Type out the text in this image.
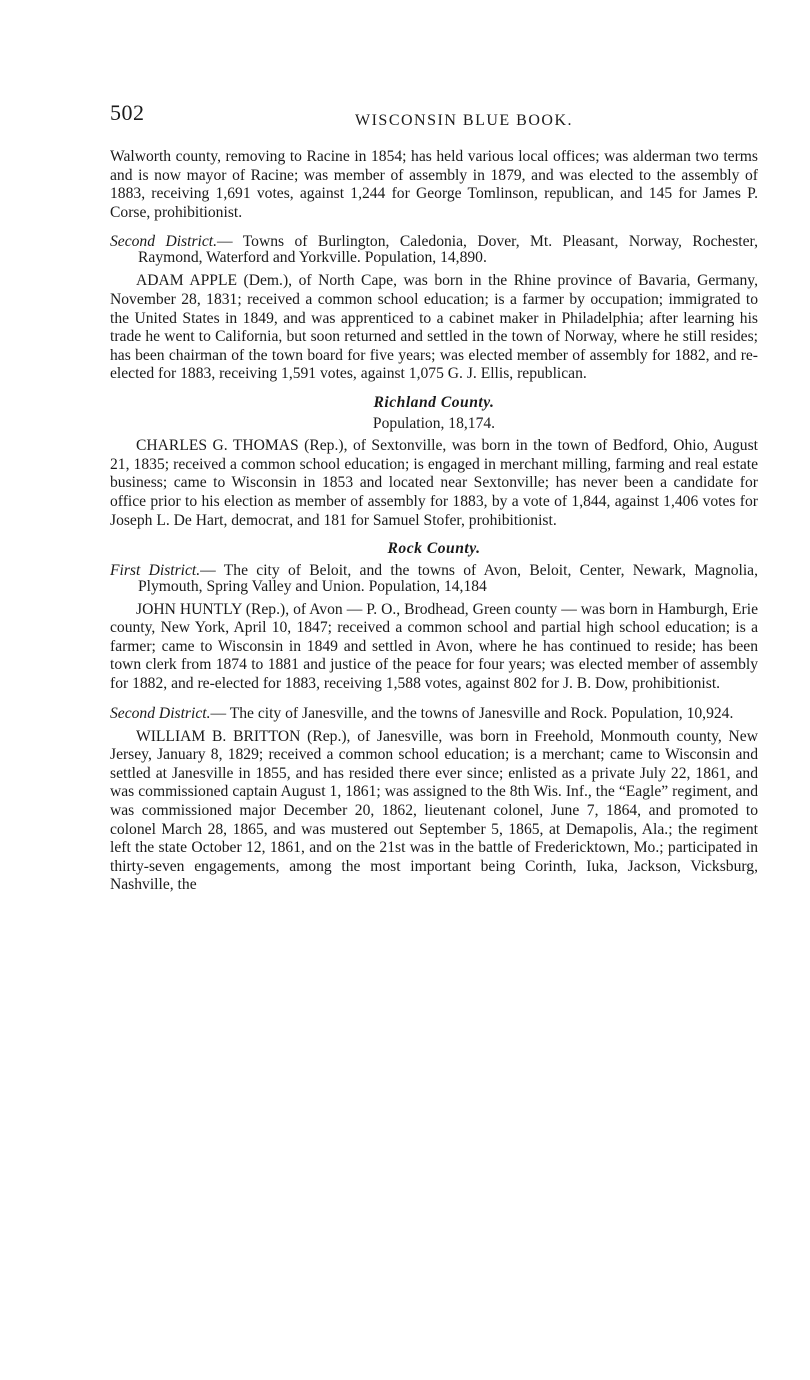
502	WISCONSIN BLUE BOOK.

Walworth county, removing to Racine in 1854; has held various local offices; was alderman two terms and is now mayor of Racine; was member of assembly in 1879, and was elected to the assembly of 1883, receiving 1,691 votes, against 1,244 for George Tomlinson, republican, and 145 for James P. Corse, prohibitionist.

Second District.— Towns of Burlington, Caledonia, Dover, Mt. Pleasant, Norway, Rochester, Raymond, Waterford and Yorkville. Population, 14,890.

ADAM APPLE (Dem.), of North Cape, was born in the Rhine province of Bavaria, Germany, November 28, 1831; received a common school education; is a farmer by occupation; immigrated to the United States in 1849, and was apprenticed to a cabinet maker in Philadelphia; after learning his trade he went to California, but soon returned and settled in the town of Norway, where he still resides; has been chairman of the town board for five years; was elected member of assembly for 1882, and re-elected for 1883, receiving 1,591 votes, against 1,075 G. J. Ellis, republican.

Richland County.
Population, 18,174.

CHARLES G. THOMAS (Rep.), of Sextonville, was born in the town of Bedford, Ohio, August 21, 1835; received a common school education; is engaged in merchant milling, farming and real estate business; came to Wisconsin in 1853 and located near Sextonville; has never been a candidate for office prior to his election as member of assembly for 1883, by a vote of 1,844, against 1,406 votes for Joseph L. De Hart, democrat, and 181 for Samuel Stofer, prohibitionist.

Rock County.

First District.— The city of Beloit, and the towns of Avon, Beloit, Center, Newark, Magnolia, Plymouth, Spring Valley and Union. Population, 14,184

JOHN HUNTLY (Rep.), of Avon — P. O., Brodhead, Green county — was born in Hamburgh, Erie county, New York, April 10, 1847; received a common school and partial high school education; is a farmer; came to Wisconsin in 1849 and settled in Avon, where he has continued to reside; has been town clerk from 1874 to 1881 and justice of the peace for four years; was elected member of assembly for 1882, and re-elected for 1883, receiving 1,588 votes, against 802 for J. B. Dow, prohibitionist.

Second District.— The city of Janesville, and the towns of Janesville and Rock. Population, 10,924.

WILLIAM B. BRITTON (Rep.), of Janesville, was born in Freehold, Monmouth county, New Jersey, January 8, 1829; received a common school education; is a merchant; came to Wisconsin and settled at Janesville in 1855, and has resided there ever since; enlisted as a private July 22, 1861, and was commissioned captain August 1, 1861; was assigned to the 8th Wis. Inf., the “Eagle” regiment, and was commissioned major December 20, 1862, lieutenant colonel, June 7, 1864, and promoted to colonel March 28, 1865, and was mustered out September 5, 1865, at Demapolis, Ala.; the regiment left the state October 12, 1861, and on the 21st was in the battle of Fredericktown, Mo.; participated in thirty-seven engagements, among the most important being Corinth, Iuka, Jackson, Vicksburg, Nashville, the
